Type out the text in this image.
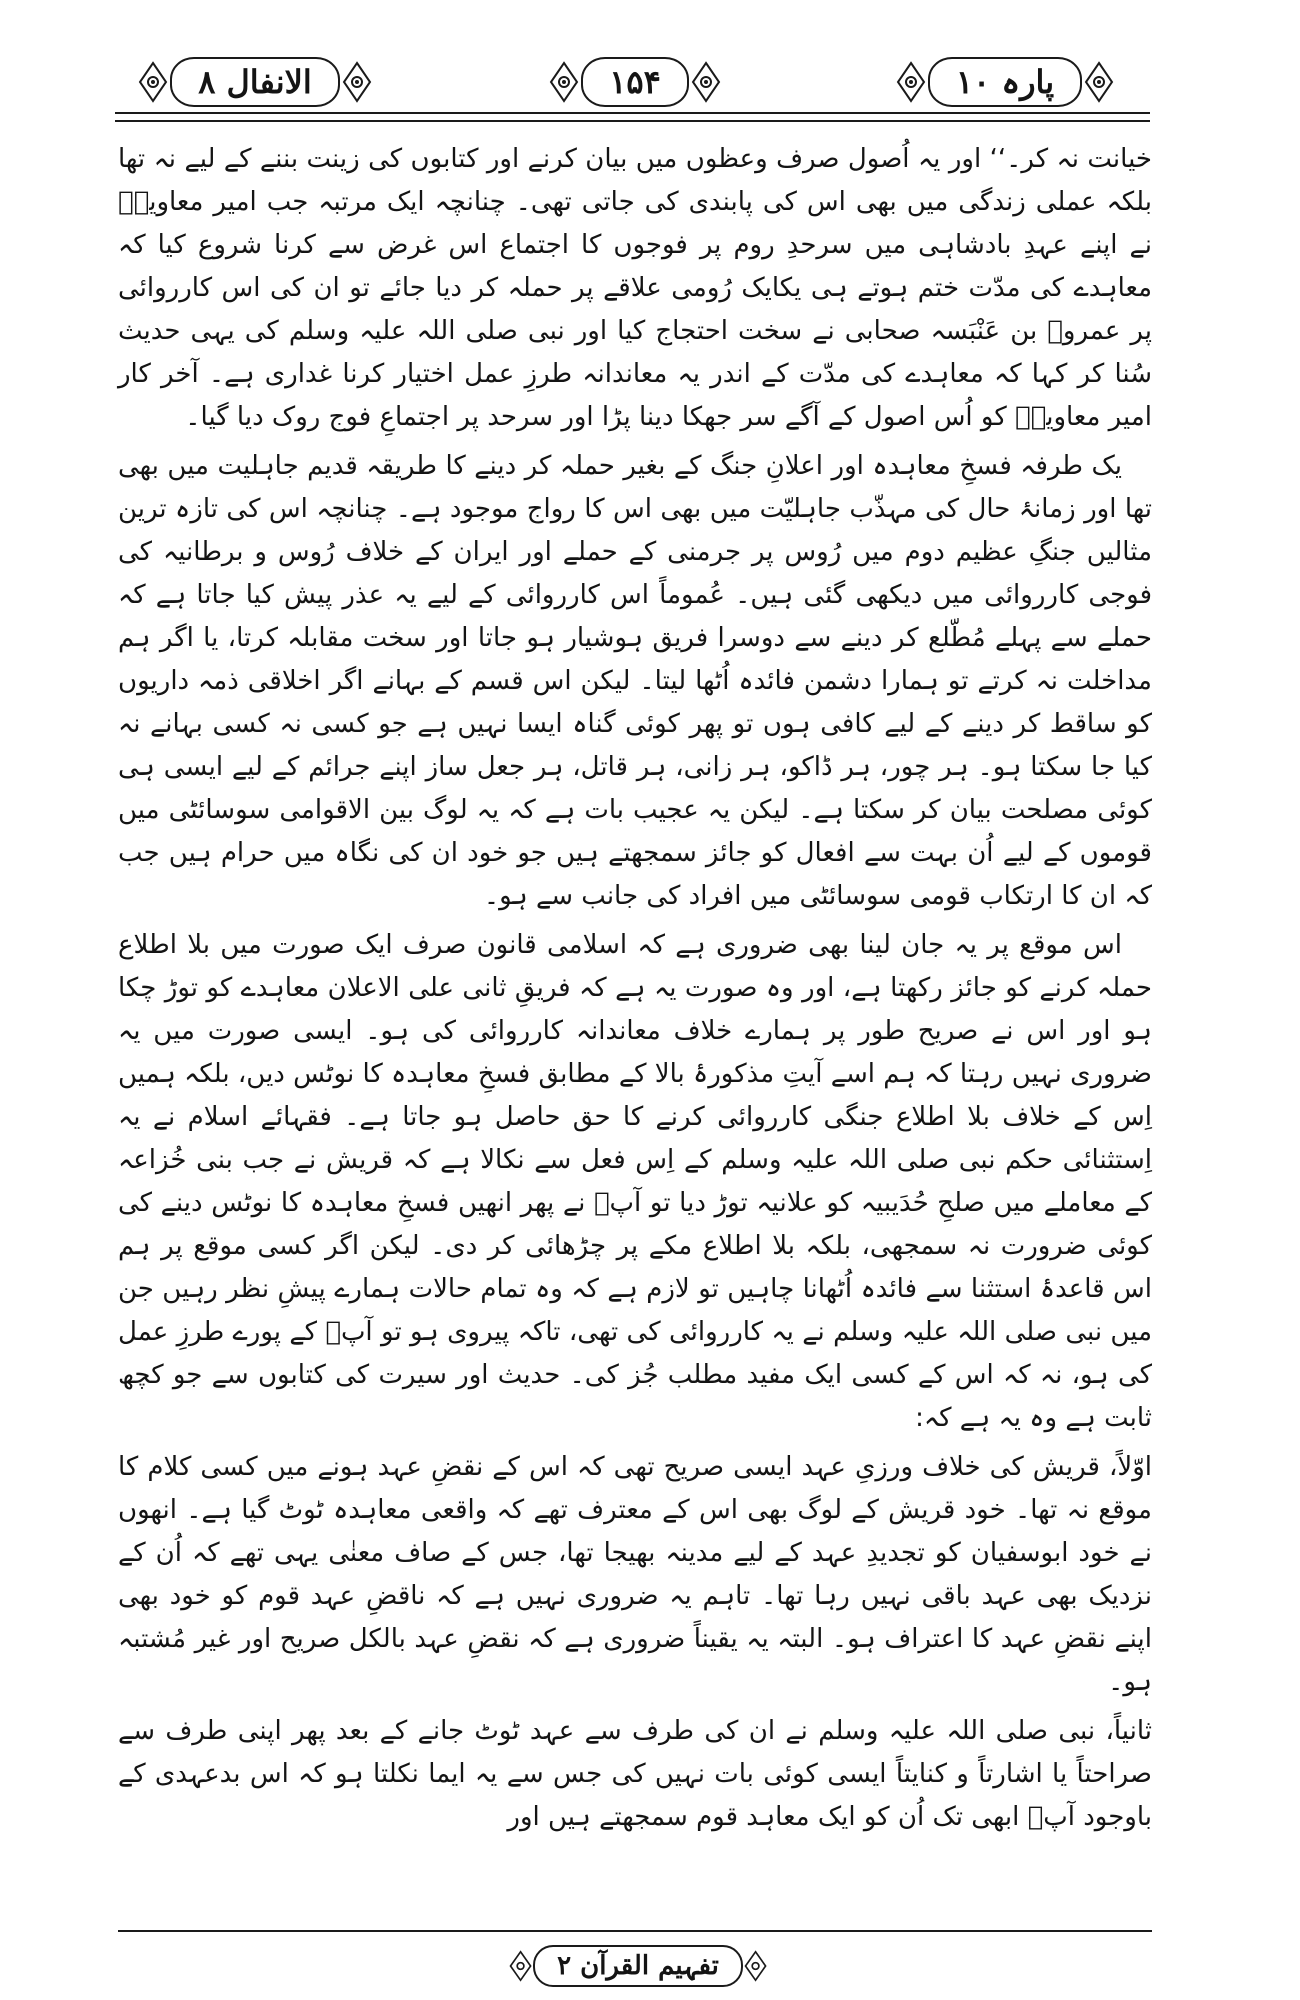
الانفال ۸	۱۵۴	پارہ ۱۰

خیانت نہ کر۔‘‘ اور یہ اُصول صرف وعظوں میں بیان کرنے اور کتابوں کی زینت بننے کے لیے نہ تھا بلکہ عملی زندگی میں بھی اس کی پابندی کی جاتی تھی۔ چنانچہ ایک مرتبہ جب امیر معاویہؓ نے اپنے عہدِ بادشاہی میں سرحدِ روم پر فوجوں کا اجتماع اس غرض سے کرنا شروع کیا کہ معاہدے کی مدّت ختم ہوتے ہی یکایک رُومی علاقے پر حملہ کر دیا جائے تو ان کی اس کارروائی پر عمروؓ بن عَنْبَسہ صحابی نے سخت احتجاج کیا اور نبی صلی اللہ علیہ وسلم کی یہی حدیث سُنا کر کہا کہ معاہدے کی مدّت کے اندر یہ معاندانہ طرزِ عمل اختیار کرنا غداری ہے۔ آخر کار امیر معاویہؓ کو اُس اصول کے آگے سر جھکا دینا پڑا اور سرحد پر اجتماعِ فوج روک دیا گیا۔

یک طرفہ فسخِ معاہدہ اور اعلانِ جنگ کے بغیر حملہ کر دینے کا طریقہ قدیم جاہلیت میں بھی تھا اور زمانۂ حال کی مہذّب جاہلیّت میں بھی اس کا رواج موجود ہے۔ چنانچہ اس کی تازہ ترین مثالیں جنگِ عظیم دوم میں رُوس پر جرمنی کے حملے اور ایران کے خلاف رُوس و برطانیہ کی فوجی کارروائی میں دیکھی گئی ہیں۔ عُموماً اس کارروائی کے لیے یہ عذر پیش کیا جاتا ہے کہ حملے سے پہلے مُطّلع کر دینے سے دوسرا فریق ہوشیار ہو جاتا اور سخت مقابلہ کرتا، یا اگر ہم مداخلت نہ کرتے تو ہمارا دشمن فائدہ اُٹھا لیتا۔ لیکن اس قسم کے بہانے اگر اخلاقی ذمہ داریوں کو ساقط کر دینے کے لیے کافی ہوں تو پھر کوئی گناہ ایسا نہیں ہے جو کسی نہ کسی بہانے نہ کیا جا سکتا ہو۔ ہر چور، ہر ڈاکو، ہر زانی، ہر قاتل، ہر جعل ساز اپنے جرائم کے لیے ایسی ہی کوئی مصلحت بیان کر سکتا ہے۔ لیکن یہ عجیب بات ہے کہ یہ لوگ بین الاقوامی سوسائٹی میں قوموں کے لیے اُن بہت سے افعال کو جائز سمجھتے ہیں جو خود ان کی نگاہ میں حرام ہیں جب کہ ان کا ارتکاب قومی سوسائٹی میں افراد کی جانب سے ہو۔

اس موقع پر یہ جان لینا بھی ضروری ہے کہ اسلامی قانون صرف ایک صورت میں بلا اطلاع حملہ کرنے کو جائز رکھتا ہے، اور وہ صورت یہ ہے کہ فریقِ ثانی علی الاعلان معاہدے کو توڑ چکا ہو اور اس نے صریح طور پر ہمارے خلاف معاندانہ کارروائی کی ہو۔ ایسی صورت میں یہ ضروری نہیں رہتا کہ ہم اسے آیتِ مذکورۂ بالا کے مطابق فسخِ معاہدہ کا نوٹس دیں، بلکہ ہمیں اِس کے خلاف بلا اطلاع جنگی کارروائی کرنے کا حق حاصل ہو جاتا ہے۔ فقہائے اسلام نے یہ اِستثنائی حکم نبی صلی اللہ علیہ وسلم کے اِس فعل سے نکالا ہے کہ قریش نے جب بنی خُزاعہ کے معاملے میں صلحِ حُدَیبیہ کو علانیہ توڑ دیا تو آپؐ نے پھر انھیں فسخِ معاہدہ کا نوٹس دینے کی کوئی ضرورت نہ سمجھی، بلکہ بلا اطلاع مکے پر چڑھائی کر دی۔ لیکن اگر کسی موقع پر ہم اس قاعدۂ استثنا سے فائدہ اُٹھانا چاہیں تو لازم ہے کہ وہ تمام حالات ہمارے پیشِ نظر رہیں جن میں نبی صلی اللہ علیہ وسلم نے یہ کارروائی کی تھی، تاکہ پیروی ہو تو آپؐ کے پورے طرزِ عمل کی ہو، نہ کہ اس کے کسی ایک مفید مطلب جُز کی۔ حدیث اور سیرت کی کتابوں سے جو کچھ ثابت ہے وہ یہ ہے کہ:

اوّلاً، قریش کی خلاف ورزیِ عہد ایسی صریح تھی کہ اس کے نقضِ عہد ہونے میں کسی کلام کا موقع نہ تھا۔ خود قریش کے لوگ بھی اس کے معترف تھے کہ واقعی معاہدہ ٹوٹ گیا ہے۔ انھوں نے خود ابوسفیان کو تجدیدِ عہد کے لیے مدینہ بھیجا تھا، جس کے صاف معنٰی یہی تھے کہ اُن کے نزدیک بھی عہد باقی نہیں رہا تھا۔ تاہم یہ ضروری نہیں ہے کہ ناقضِ عہد قوم کو خود بھی اپنے نقضِ عہد کا اعتراف ہو۔ البتہ یہ یقیناً ضروری ہے کہ نقضِ عہد بالکل صریح اور غیر مُشتبہ ہو۔

ثانیاً، نبی صلی اللہ علیہ وسلم نے ان کی طرف سے عہد ٹوٹ جانے کے بعد پھر اپنی طرف سے صراحتاً یا اشارتاً و کنایتاً ایسی کوئی بات نہیں کی جس سے یہ ایما نکلتا ہو کہ اس بدعہدی کے باوجود آپؐ ابھی تک اُن کو ایک معاہد قوم سمجھتے ہیں اور

تفہیم القرآن ۲
